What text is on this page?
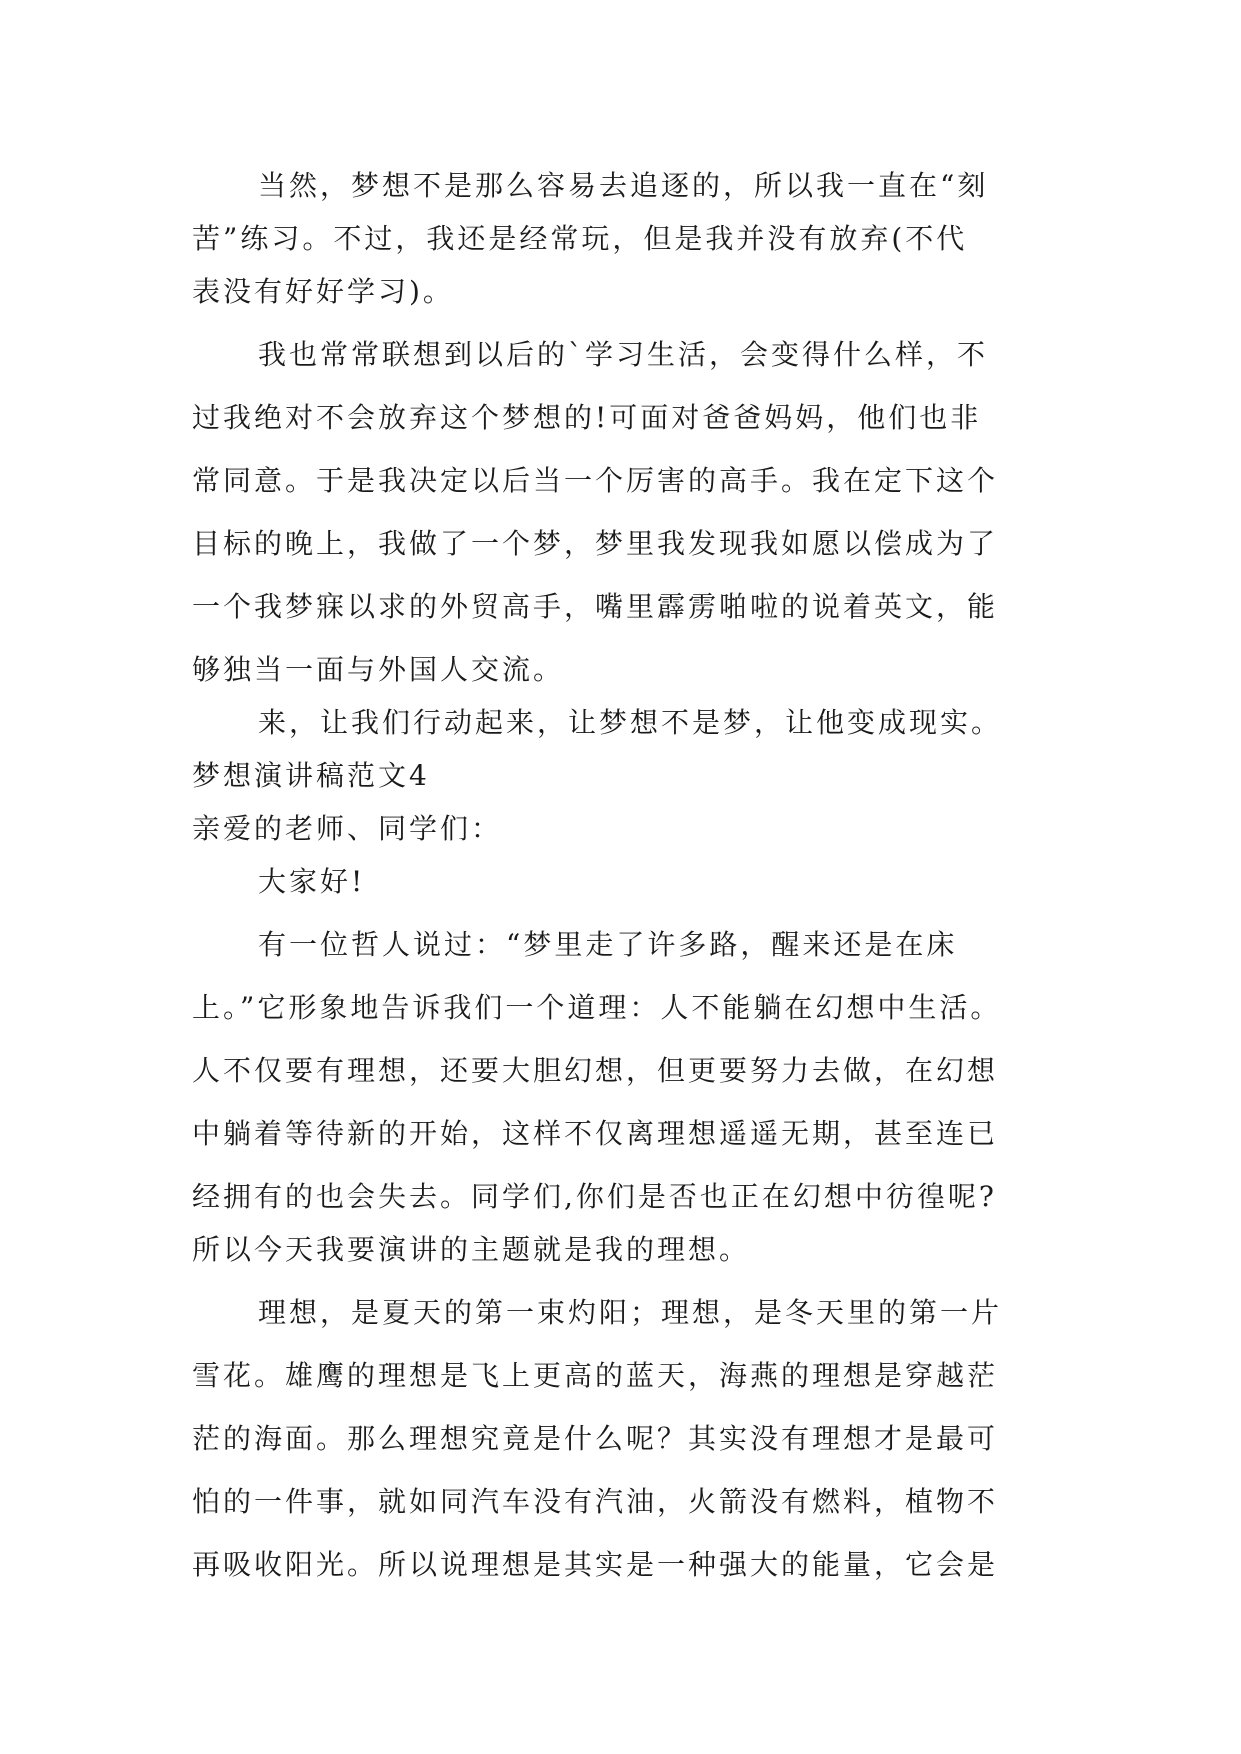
当然，梦想不是那么容易去追逐的，所以我一直在“刻
苦”练习。不过，我还是经常玩，但是我并没有放弃(不代
表没有好好学习)。
我也常常联想到以后的`学习生活，会变得什么样，不
过我绝对不会放弃这个梦想的!可面对爸爸妈妈，他们也非
常同意。于是我决定以后当一个厉害的高手。我在定下这个
目标的晚上，我做了一个梦，梦里我发现我如愿以偿成为了
一个我梦寐以求的外贸高手，嘴里霹雳啪啦的说着英文，能
够独当一面与外国人交流。
来，让我们行动起来，让梦想不是梦，让他变成现实。
梦想演讲稿范文4
亲爱的老师、同学们：
大家好!
有一位哲人说过：“梦里走了许多路，醒来还是在床
上。”它形象地告诉我们一个道理：人不能躺在幻想中生活。
人不仅要有理想，还要大胆幻想，但更要努力去做，在幻想
中躺着等待新的开始，这样不仅离理想遥遥无期，甚至连已
经拥有的也会失去。同学们,你们是否也正在幻想中彷徨呢?
所以今天我要演讲的主题就是我的理想。
理想，是夏天的第一束灼阳；理想，是冬天里的第一片
雪花。雄鹰的理想是飞上更高的蓝天，海燕的理想是穿越茫
茫的海面。那么理想究竟是什么呢？其实没有理想才是最可
怕的一件事，就如同汽车没有汽油，火箭没有燃料，植物不
再吸收阳光。所以说理想是其实是一种强大的能量，它会是
